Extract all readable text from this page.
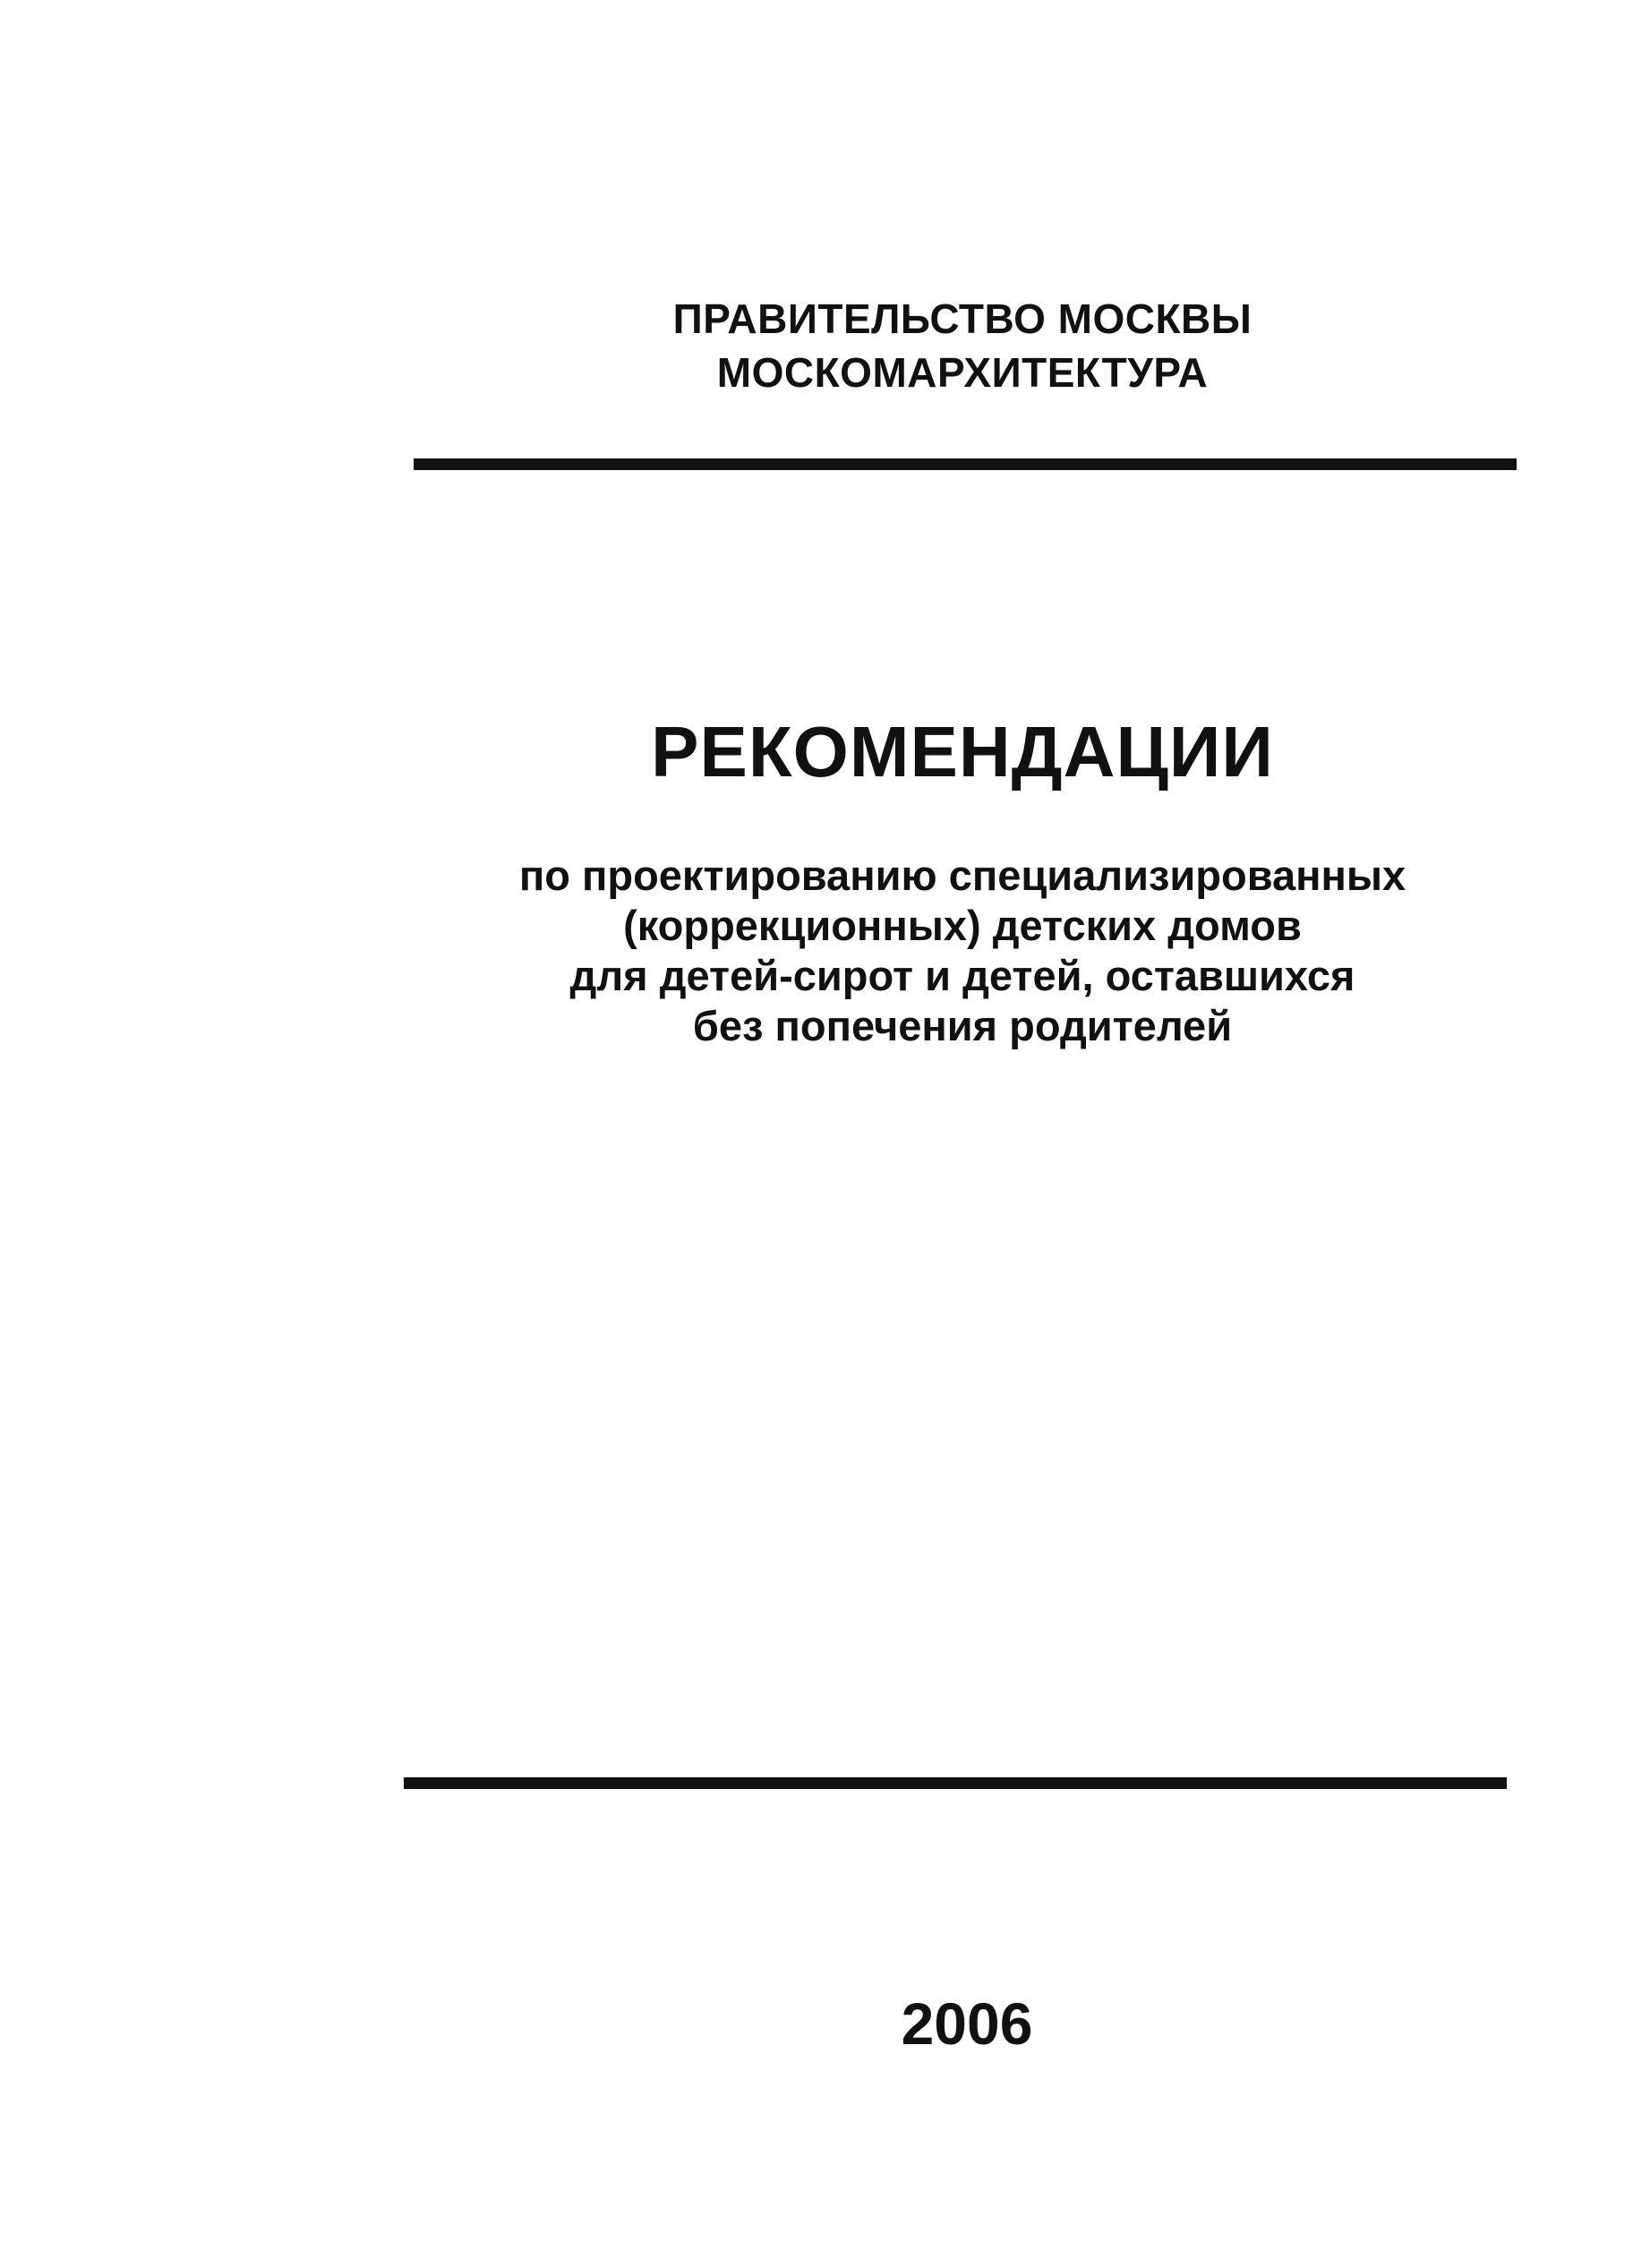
ПРАВИТЕЛЬСТВО МОСКВЫ
МОСКОМАРХИТЕКТУРА
РЕКОМЕНДАЦИИ
по проектированию специализированных
(коррекционных) детских домов
для детей-сирот и детей, оставшихся
без попечения родителей
2006
